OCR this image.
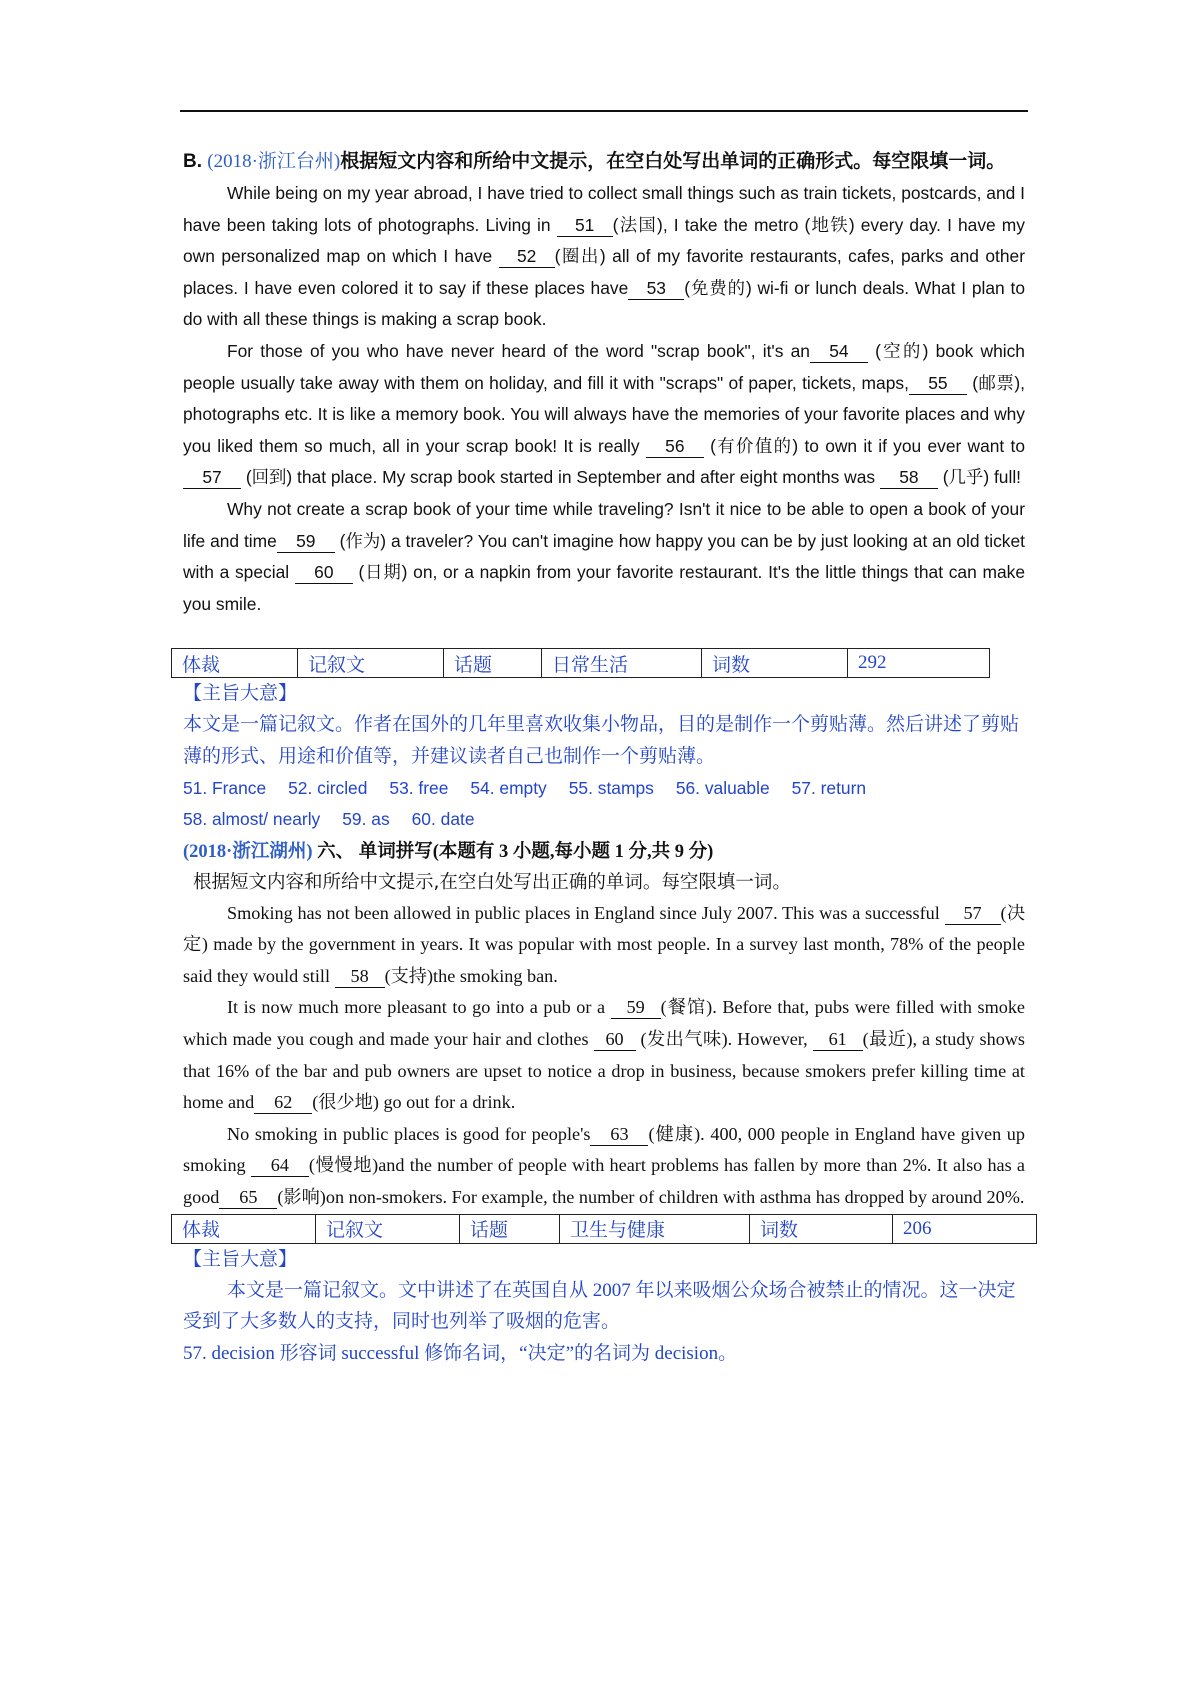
B. (2018·浙江台州)根据短文内容和所给中文提示，在空白处写出单词的正确形式。每空限填一词。

While being on my year abroad, I have tried to collect small things such as train tickets, postcards, and I have been taking lots of photographs. Living in 51 (法国), I take the metro (地铁) every day. I have my own personalized map on which I have 52 (圈出) all of my favorite restaurants, cafes, parks and other places. I have even colored it to say if these places have 53 (免费的) wi-fi or lunch deals. What I plan to do with all these things is making a scrap book.

For those of you who have never heard of the word "scrap book", it's an 54 (空的) book which people usually take away with them on holiday, and fill it with "scraps" of paper, tickets, maps, 55 (邮票), photographs etc. It is like a memory book. You will always have the memories of your favorite places and why you liked them so much, all in your scrap book! It is really 56 (有价值的) to own it if you ever want to 57 (回到) that place. My scrap book started in September and after eight months was 58 (几乎) full!

Why not create a scrap book of your time while traveling? Isn't it nice to be able to open a book of your life and time 59 (作为) a traveler? You can't imagine how happy you can be by just looking at an old ticket with a special 60 (日期) on, or a napkin from your favorite restaurant. It's the little things that can make you smile.

体裁	记叙文	话题	日常生活	词数	292

【主旨大意】

本文是一篇记叙文。作者在国外的几年里喜欢收集小物品，目的是制作一个剪贴薄。然后讲述了剪贴薄的形式、用途和价值等，并建议读者自己也制作一个剪贴薄。

51. France 52. circled 53. free 54. empty 55. stamps 56. valuable 57. return
58. almost/ nearly 59. as 60. date

(2018·浙江湖州) 六、 单词拼写(本题有 3 小题,每小题 1 分,共 9 分)

根据短文内容和所给中文提示,在空白处写出正确的单词。每空限填一词。

Smoking has not been allowed in public places in England since July 2007. This was a successful 57 (决定) made by the government in years. It was popular with most people. In a survey last month, 78% of the people said they would still 58 (支持)the smoking ban.

It is now much more pleasant to go into a pub or a 59 (餐馆). Before that, pubs were filled with smoke which made you cough and made your hair and clothes 60 (发出气味). However, 61 (最近), a study shows that 16% of the bar and pub owners are upset to notice a drop in business, because smokers prefer killing time at home and 62 (很少地) go out for a drink.

No smoking in public places is good for people's 63 (健康). 400, 000 people in England have given up smoking 64 (慢慢地)and the number of people with heart problems has fallen by more than 2%. It also has a good 65 (影响)on non-smokers. For example, the number of children with asthma has dropped by around 20%.

体裁	记叙文	话题	卫生与健康	词数	206

【主旨大意】

本文是一篇记叙文。文中讲述了在英国自从 2007 年以来吸烟公众场合被禁止的情况。这一决定受到了大多数人的支持，同时也列举了吸烟的危害。

57. decision 形容词 successful 修饰名词，“决定”的名词为 decision。
